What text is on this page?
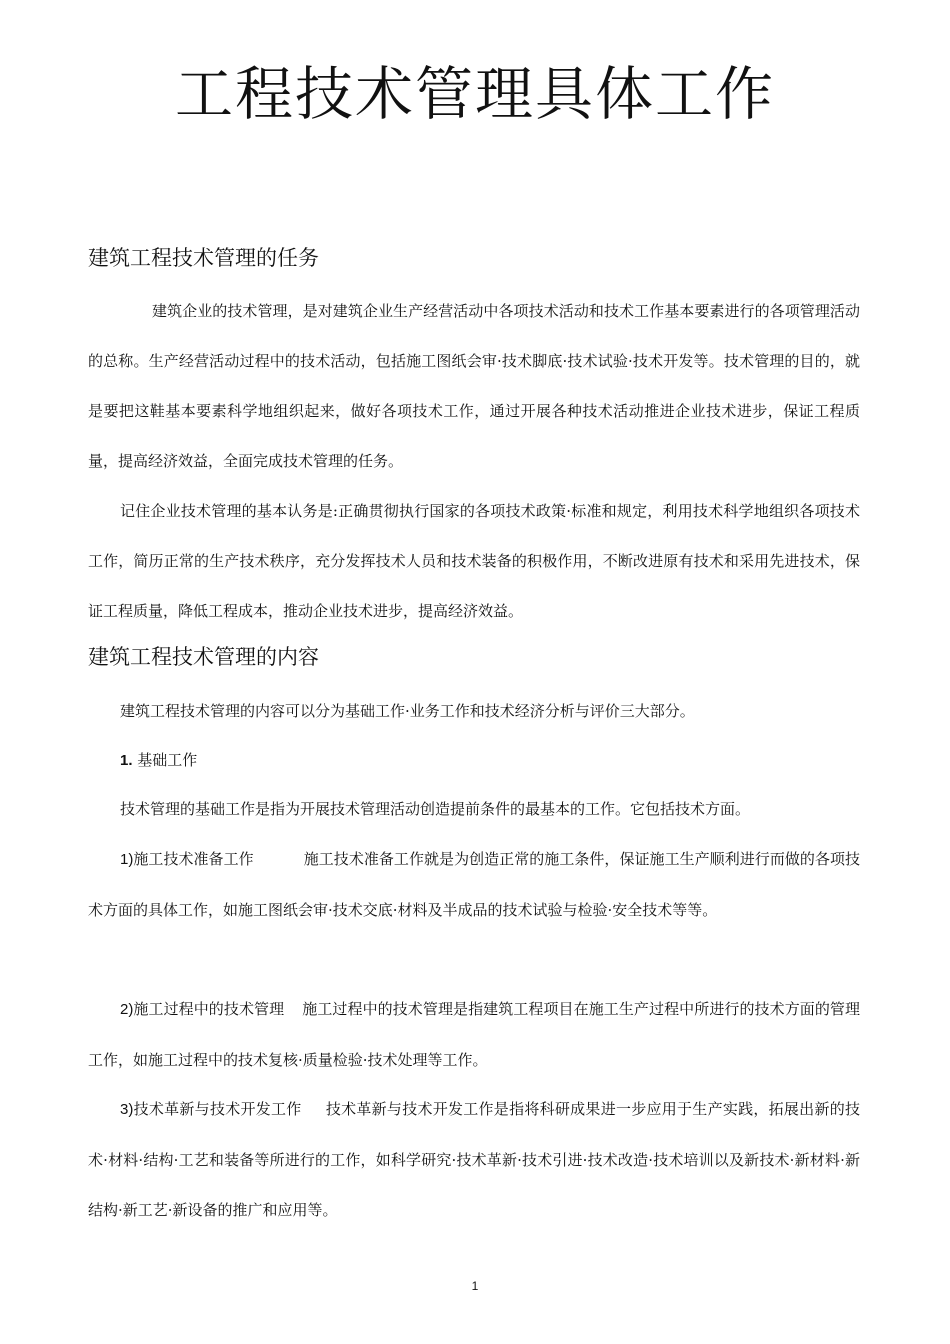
工程技术管理具体工作
建筑工程技术管理的任务
建筑企业的技术管理，是对建筑企业生产经营活动中各项技术活动和技术工作基本要素进行的各项管理活动的总称。生产经营活动过程中的技术活动，包括施工图纸会审·技术脚底·技术试验·技术开发等。技术管理的目的，就是要把这鞋基本要素科学地组织起来，做好各项技术工作，通过开展各种技术活动推进企业技术进步，保证工程质量，提高经济效益，全面完成技术管理的任务。
记住企业技术管理的基本认务是:正确贯彻执行国家的各项技术政策·标准和规定，利用技术科学地组织各项技术工作，简历正常的生产技术秩序，充分发挥技术人员和技术装备的积极作用，不断改进原有技术和采用先进技术，保证工程质量，降低工程成本，推动企业技术进步，提高经济效益。
建筑工程技术管理的内容
建筑工程技术管理的内容可以分为基础工作·业务工作和技术经济分析与评价三大部分。
1. 基础工作
技术管理的基础工作是指为开展技术管理活动创造提前条件的最基本的工作。它包括技术方面。
1)施工技术准备工作	施工技术准备工作就是为创造正常的施工条件，保证施工生产顺利进行而做的各项技术方面的具体工作，如施工图纸会审·技术交底·材料及半成品的技术试验与检验·安全技术等等。
2)施工过程中的技术管理 施工过程中的技术管理是指建筑工程项目在施工生产过程中所进行的技术方面的管理工作，如施工过程中的技术复核·质量检验·技术处理等工作。
3)技术革新与技术开发工作 技术革新与技术开发工作是指将科研成果进一步应用于生产实践，拓展出新的技术·材料·结构·工艺和装备等所进行的工作，如科学研究·技术革新·技术引进·技术改造·技术培训以及新技术·新材料·新结构·新工艺·新设备的推广和应用等。
1
